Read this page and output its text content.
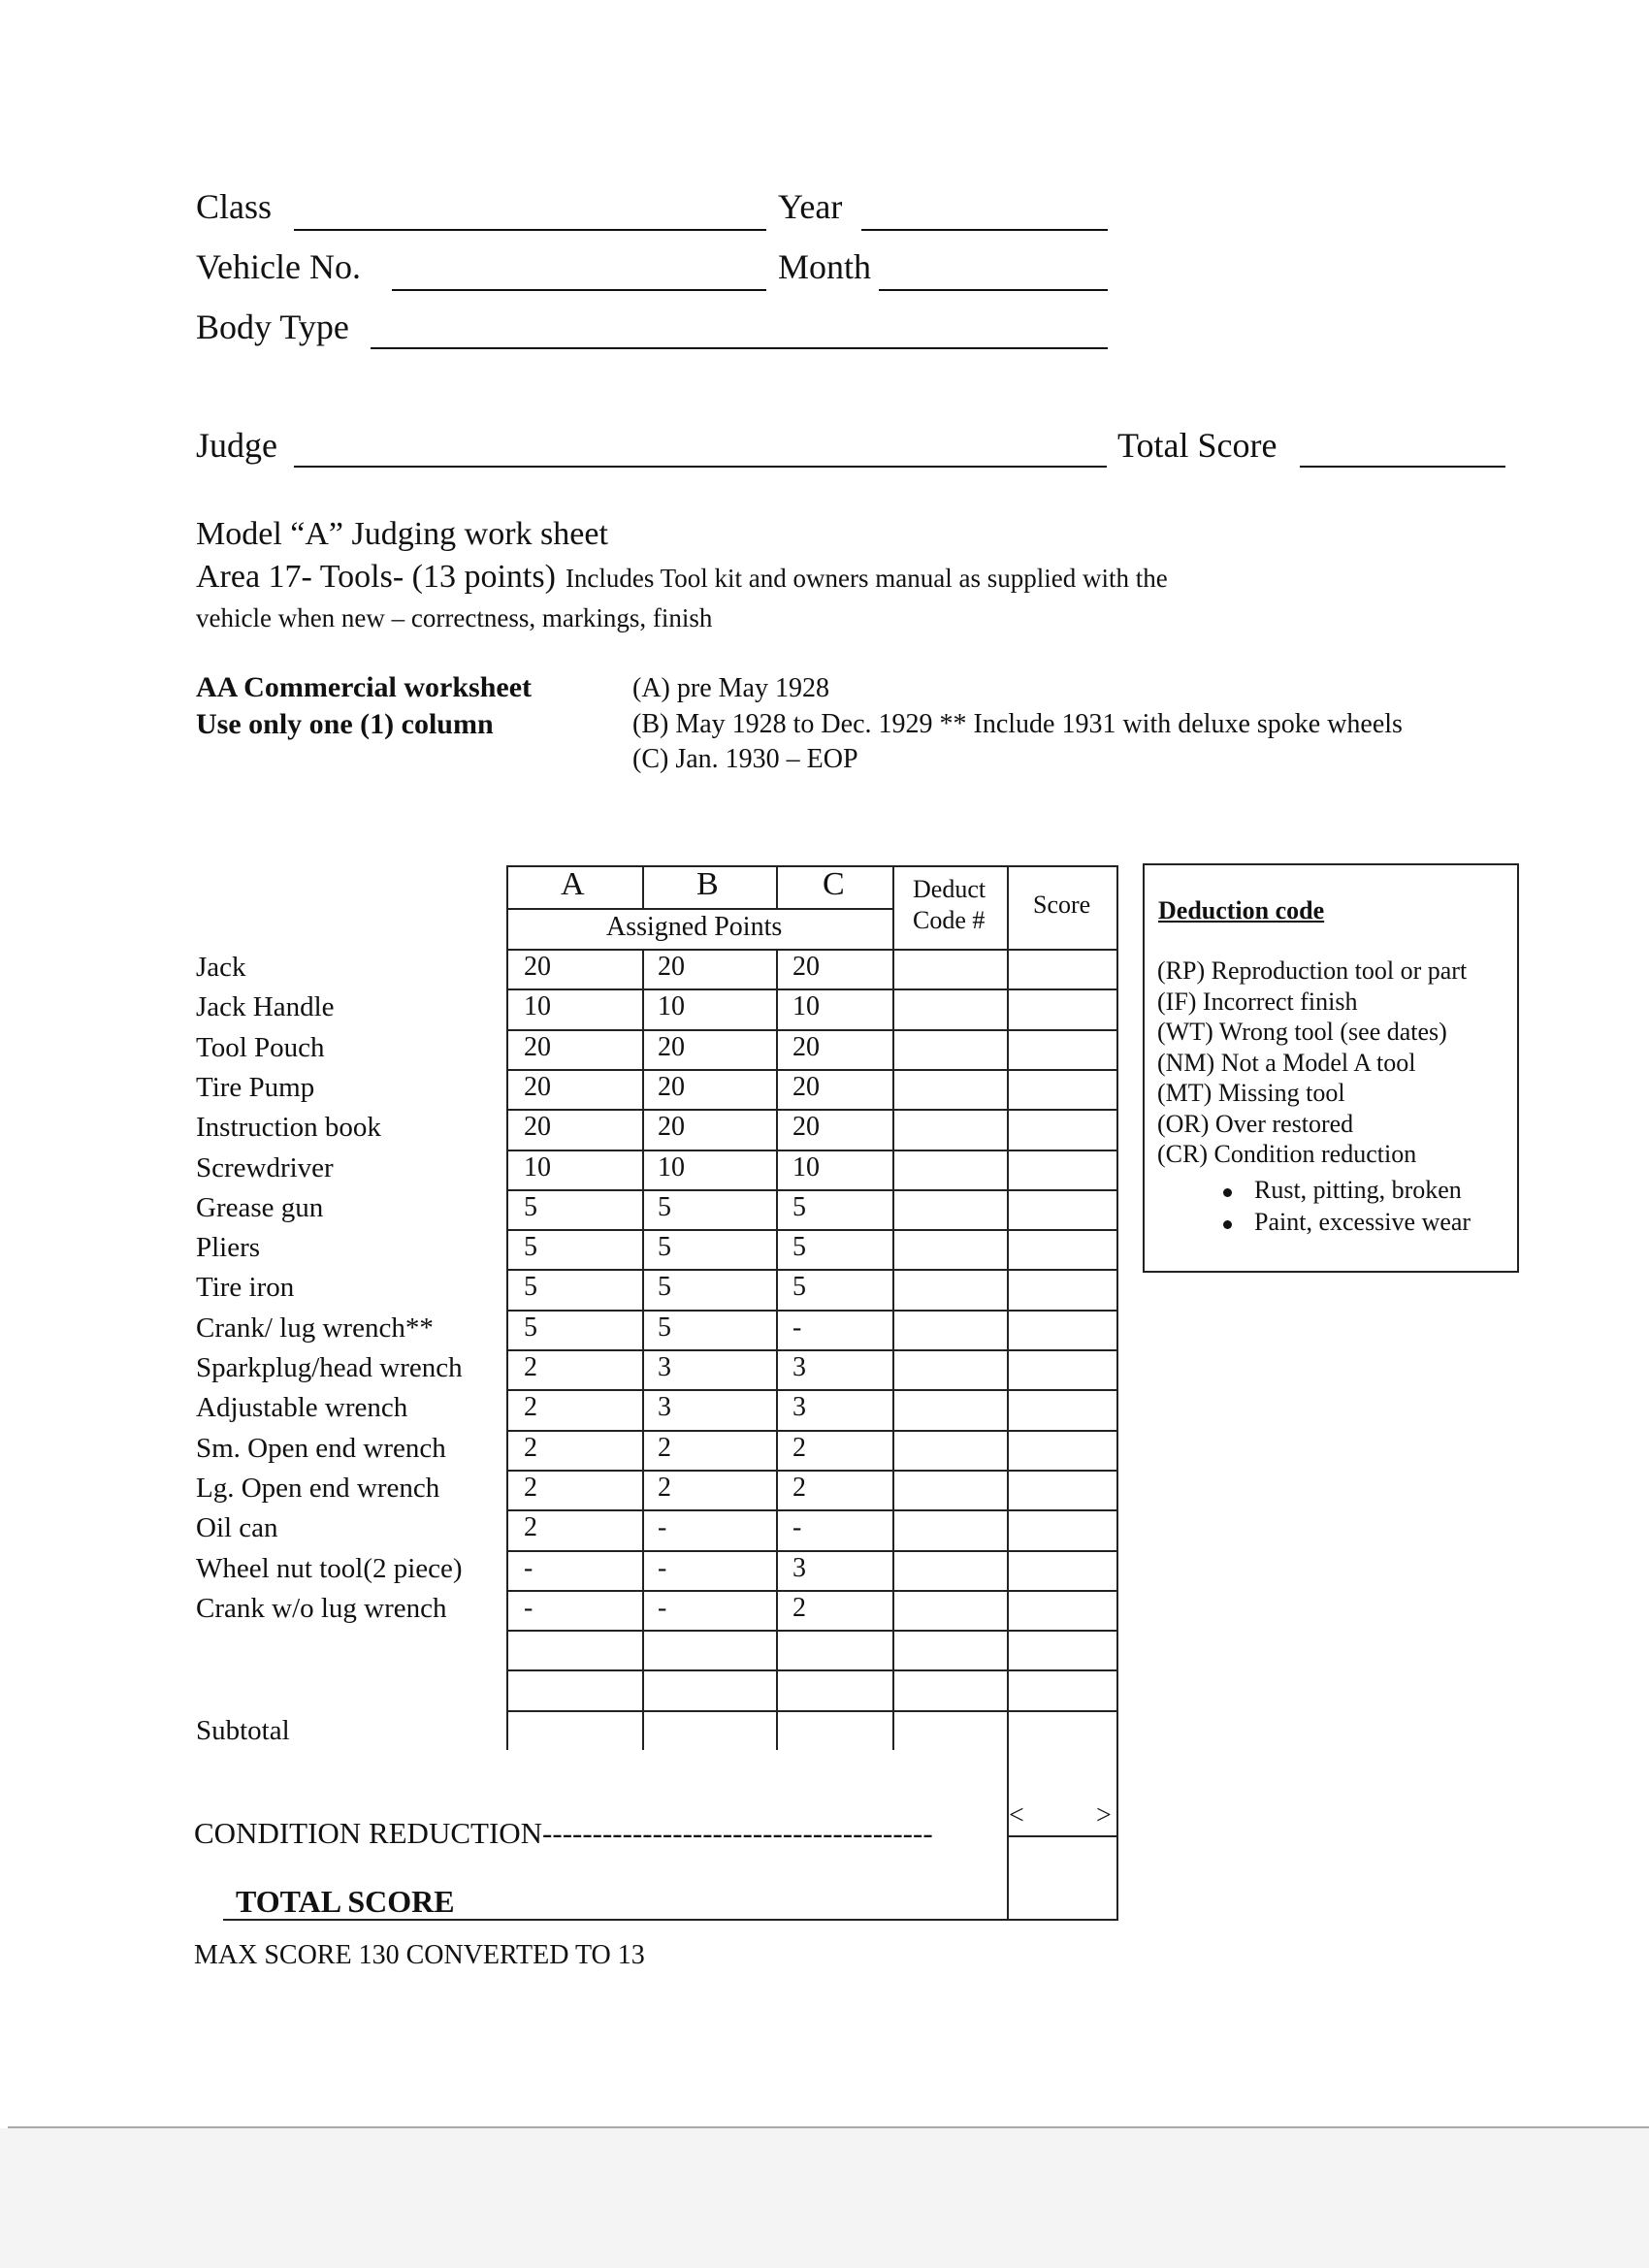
Class	Year
Vehicle No.	Month
Body Type
Judge	Total Score
Model “A” Judging work sheet
Area 17- Tools- (13 points) Includes Tool kit and owners manual as supplied with the
vehicle when new – correctness, markings, finish
AA Commercial worksheet
Use only one (1) column
(A) pre May 1928
(B) May 1928 to Dec. 1929 ** Include 1931 with deluxe spoke wheels
(C) Jan. 1930 – EOP
A	B	C
Assigned Points
Deduct
Code #
Score
Jack	20	20	20
Jack Handle	10	10	10
Tool Pouch	20	20	20
Tire Pump	20	20	20
Instruction book	20	20	20
Screwdriver	10	10	10
Grease gun	5	5	5
Pliers	5	5	5
Tire iron	5	5	5
Crank/ lug wrench**	5	5	-
Sparkplug/head wrench 2	3	3
Adjustable wrench	2	3	3
Sm. Open end wrench	2	2	2
Lg. Open end wrench	2	2	2
Oil can	2	-	-
Wheel nut tool(2 piece) -	-	3
Crank w/o lug wrench	-	-	2
Subtotal
Deduction code
(RP) Reproduction tool or part
(IF) Incorrect finish
(WT) Wrong tool (see dates)
(NM) Not a Model A tool
(MT) Missing tool
(OR) Over restored
(CR) Condition reduction
Rust, pitting, broken
Paint, excessive wear
CONDITION REDUCTION---------------------------------------
<	>
TOTAL SCORE
MAX SCORE 130 CONVERTED TO 13
